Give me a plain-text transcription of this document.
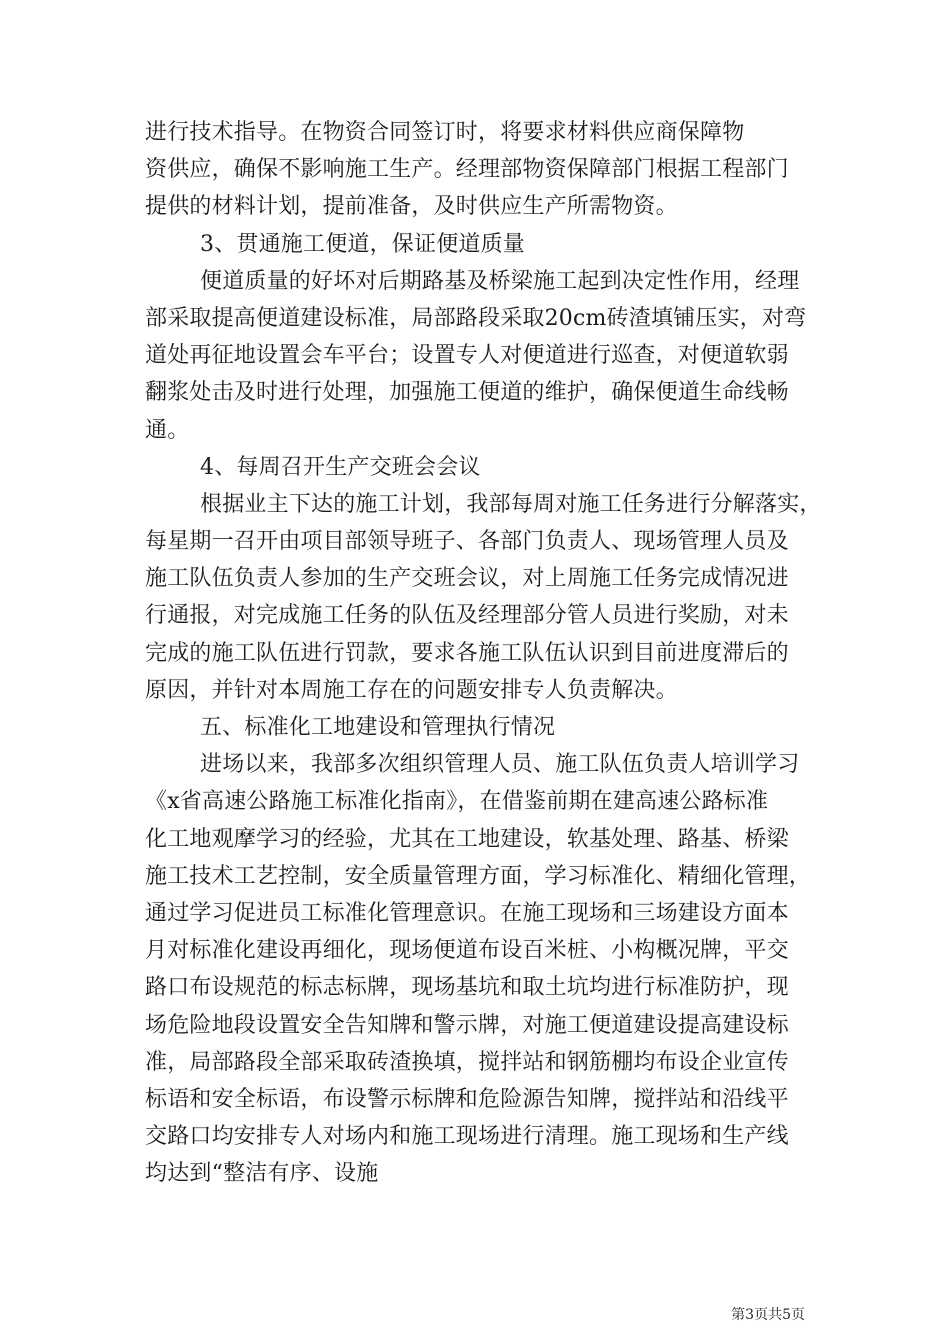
进行技术指导。在物资合同签订时，将要求材料供应商保障物
资供应，确保不影响施工生产。经理部物资保障部门根据工程部门
提供的材料计划，提前准备，及时供应生产所需物资。
3、贯通施工便道，保证便道质量
便道质量的好坏对后期路基及桥梁施工起到决定性作用，经理
部采取提高便道建设标准，局部路段采取20cm砖渣填铺压实，对弯
道处再征地设置会车平台；设置专人对便道进行巡查，对便道软弱
翻浆处击及时进行处理，加强施工便道的维护，确保便道生命线畅
通。
4、每周召开生产交班会会议
根据业主下达的施工计划，我部每周对施工任务进行分解落实，
每星期一召开由项目部领导班子、各部门负责人、现场管理人员及
施工队伍负责人参加的生产交班会议，对上周施工任务完成情况进
行通报，对完成施工任务的队伍及经理部分管人员进行奖励，对未
完成的施工队伍进行罚款，要求各施工队伍认识到目前进度滞后的
原因，并针对本周施工存在的问题安排专人负责解决。
五、标准化工地建设和管理执行情况
进场以来，我部多次组织管理人员、施工队伍负责人培训学习
《x省高速公路施工标准化指南》，在借鉴前期在建高速公路标准
化工地观摩学习的经验，尤其在工地建设，软基处理、路基、桥梁
施工技术工艺控制，安全质量管理方面，学习标准化、精细化管理，
通过学习促进员工标准化管理意识。在施工现场和三场建设方面本
月对标准化建设再细化，现场便道布设百米桩、小构概况牌，平交
路口布设规范的标志标牌，现场基坑和取土坑均进行标准防护，现
场危险地段设置安全告知牌和警示牌，对施工便道建设提高建设标
准，局部路段全部采取砖渣换填，搅拌站和钢筋棚均布设企业宣传
标语和安全标语，布设警示标牌和危险源告知牌，搅拌站和沿线平
交路口均安排专人对场内和施工现场进行清理。施工现场和生产线
均达到“整洁有序、设施
第3页共5页
